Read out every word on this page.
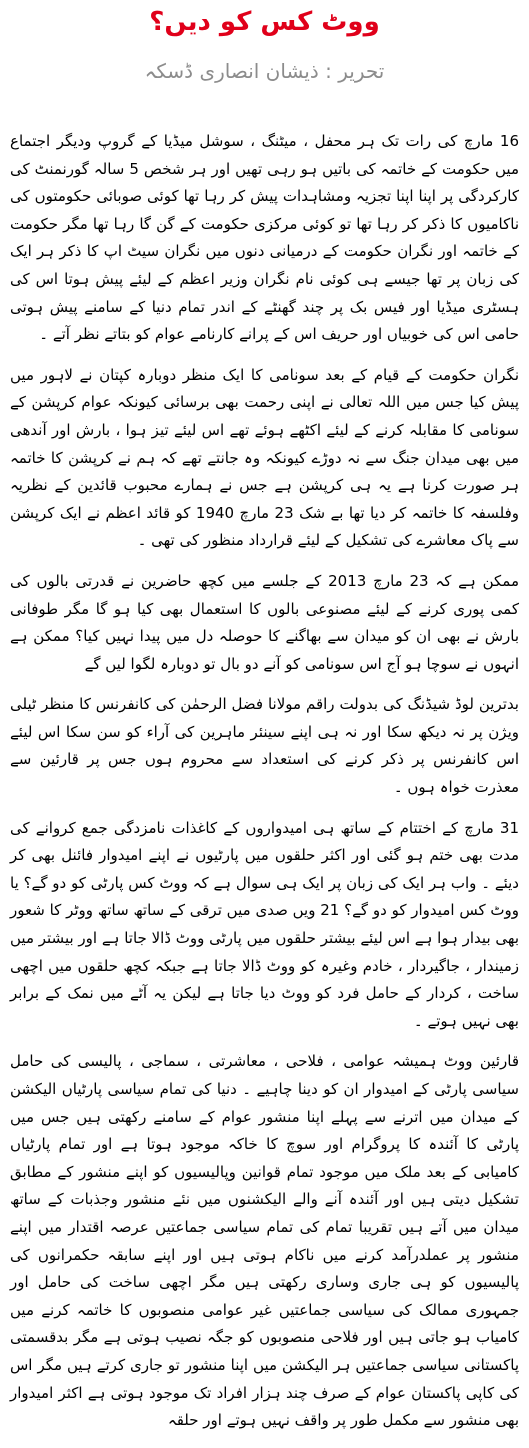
ووٹ کس کو دیں؟
تحریر : ذیشان انصاری ڈسکہ

16 مارچ کی رات تک ہر محفل ، میٹنگ ، سوشل میڈیا کے گروپ ودیگر اجتماع میں حکومت کے خاتمہ کی باتیں ہو رہی تھیں اور ہر شخص 5 سالہ گورنمنٹ کی کارکردگی پر اپنا اپنا تجزیہ ومشاہدات پیش کر رہا تھا کوئی صوبائی حکومتوں کی ناکامیوں کا ذکر کر رہا تھا تو کوئی مرکزی حکومت کے گن گا رہا تھا مگر حکومت کے خاتمہ اور نگران حکومت کے درمیانی دنوں میں نگران سیٹ اپ کا ذکر ہر ایک کی زبان پر تھا جیسے ہی کوئی نام نگران وزیر اعظم کے لیئے پیش ہوتا اس کی ہسٹری میڈیا اور فیس بک پر چند گھنٹے کے اندر تمام دنیا کے سامنے پیش ہوتی حامی اس کی خوبیاں اور حریف اس کے پرانے کارنامے عوام کو بتاتے نظر آتے ۔

نگران حکومت کے قیام کے بعد سونامی کا ایک منظر دوبارہ کپتان نے لاہور میں پیش کیا جس میں اللہ تعالی نے اپنی رحمت بھی برسائی کیونکہ عوام کرپشن کے سونامی کا مقابلہ کرنے کے لیئے اکٹھے ہوئے تھے اس لیئے تیز ہوا ، بارش اور آندھی میں بھی میدان جنگ سے نہ دوڑے کیونکہ وہ جانتے تھے کہ ہم نے کرپشن کا خاتمہ ہر صورت کرنا ہے یہ ہی کرپشن ہے جس نے ہمارے محبوب قائدین کے نظریہ وفلسفہ کا خاتمہ کر دیا تھا بے شک 23 مارچ 1940 کو قائد اعظم نے ایک کرپشن سے پاک معاشرے کی تشکیل کے لیئے قرارداد منظور کی تھی ۔

ممکن ہے کہ 23 مارچ 2013 کے جلسے میں کچھ حاضرین نے قدرتی بالوں کی کمی پوری کرنے کے لیئے مصنوعی بالوں کا استعمال بھی کیا ہو گا مگر طوفانی بارش نے بھی ان کو میدان سے بھاگنے کا حوصلہ دل میں پیدا نہیں کیا؟ ممکن ہے انہوں نے سوچا ہو آج اس سونامی کو آنے دو بال تو دوبارہ لگوا لیں گے

بدترین لوڈ شیڈنگ کی بدولت راقم مولانا فضل الرحمٰن کی کانفرنس کا منظر ٹیلی ویژن پر نہ دیکھ سکا اور نہ ہی اپنے سینئر ماہرین کی آراء کو سن سکا اس لیئے اس کانفرنس پر ذکر کرنے کی استعداد سے محروم ہوں جس پر قارئین سے معذرت خواہ ہوں ۔

31 مارچ کے اختتام کے ساتھ ہی امیدواروں کے کاغذات نامزدگی جمع کروانے کی مدت بھی ختم ہو گئی اور اکثر حلقوں میں پارٹیوں نے اپنے امیدوار فائنل بھی کر دیئے ۔ واب ہر ایک کی زبان پر ایک ہی سوال ہے کہ ووٹ کس پارٹی کو دو گے؟ یا ووٹ کس امیدوار کو دو گے؟ 21 ویں صدی میں ترقی کے ساتھ ساتھ ووٹر کا شعور بھی بیدار ہوا ہے اس لیئے بیشتر حلقوں میں پارٹی ووٹ ڈالا جاتا ہے اور بیشتر میں زمیندار ، جاگیردار ، خادم وغیرہ کو ووٹ ڈالا جاتا ہے جبکہ کچھ حلقوں میں اچھی ساخت ، کردار کے حامل فرد کو ووٹ دیا جاتا ہے لیکن یہ آٹے میں نمک کے برابر بھی نہیں ہوتے ۔

قارئین ووٹ ہمیشہ عوامی ، فلاحی ، معاشرتی ، سماجی ، پالیسی کی حامل سیاسی پارٹی کے امیدوار ان کو دینا چاہیے ۔ دنیا کی تمام سیاسی پارٹیاں الیکشن کے میدان میں اترنے سے پہلے اپنا منشور عوام کے سامنے رکھتی ہیں جس میں پارٹی کا آئندہ کا پروگرام اور سوچ کا خاکہ موجود ہوتا ہے اور تمام پارٹیاں کامیابی کے بعد ملک میں موجود تمام قوانین وپالیسیوں کو اپنے منشور کے مطابق تشکیل دیتی ہیں اور آئندہ آنے والے الیکشنوں میں نئے منشور وجذبات کے ساتھ میدان میں آتے ہیں تقریبا تمام کی تمام سیاسی جماعتیں عرصہ اقتدار میں اپنے منشور پر عملدرآمد کرنے میں ناکام ہوتی ہیں اور اپنے سابقہ حکمرانوں کی پالیسیوں کو ہی جاری وساری رکھتی ہیں مگر اچھی ساخت کی حامل اور جمہوری ممالک کی سیاسی جماعتیں غیر عوامی منصوبوں کا خاتمہ کرنے میں کامیاب ہو جاتی ہیں اور فلاحی منصوبوں کو جگہ نصیب ہوتی ہے مگر بدقسمتی پاکستانی سیاسی جماعتیں ہر الیکشن میں اپنا منشور تو جاری کرتے ہیں مگر اس کی کاپی پاکستان عوام کے صرف چند ہزار افراد تک موجود ہوتی ہے اکثر امیدوار بھی منشور سے مکمل طور پر واقف نہیں ہوتے اور حلقہ
